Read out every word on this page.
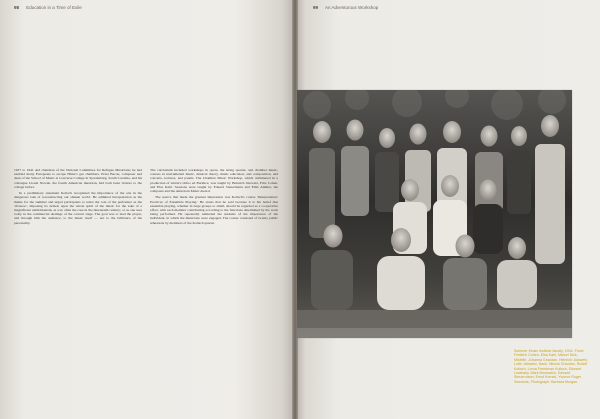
98 Education in a Time of Exile

1937 to 1941 and chairman of the National Committee for Refugee Musicians; he had enabled many Europeans to escape Hitler's gas chambers. Ernst Bacon, composer and dean of the School of Music at Converse College in Spartanburg, South Carolina, and his colleague Lionel Nowak, the fourth American musician, had both been visitors to the college before.

In a preliminary statement Kolisch recognized the importance of the arts in the dangerous task of reconstructing our shaken world. He admitted interpretation as the theme for the summer and urged participants to resist the role of the performer as the 'virtuoso', imposing its demon upon the whole spirit of the music for the sake of a magnificent exhibitionism, as was often the case in the nineteenth century; or as one sees today in the commercial dealings of the concert stage. The goal was to lead the player, and through him the audience, to the music itself — not to the brilliance of the personality.

The curriculum included workshops in opera, the string quartet, and chamber music, courses in instrumental music, musical theory, music education, and composition, and concerts, lectures, and panels. The Chamber Music Workshop, which culminated in a production of Gluck's Orfeo ed Euridice, was taught by Heinrich Jalowetz, Fritz Cohen, and Elsa Kahl. Sessions were taught by Eduard Steuermann and Emil Ammer, the composer and the American Music Award.

The source that made the greatest impression was Kolisch's course 'Interpretation: Practices of Ensemble Playing.' He states that he said because it is his belief that ensemble playing, whether in large groups or small, should be regarded as a cooperative effort, with each member contributing according to the functions determined by the work being performed. He repeatedly reminded the students of the importance of the individual, in which the musicians were engaged. The course consisted of twenty public rehearsals by members of the Kolisch quartet.

99 An Adventurous Workshop

Summer Music Institute faculty, 1944. Front: Frederic Cohen, Elsa Kahl, Marcel Dick, Mildelle, Johanna Graudan. Heinrich Jalowetz, Lotte Jalowetz, Back: Nikolai Graudan, Rudolf Kolisch, Lorna Freedman Kolisch, Edward Lowinsky, Mark Brunswick, Edward Steuermann, Ernst Krenek, Yvonne Roger Sessions, Photograph: Barbara Morgan.
